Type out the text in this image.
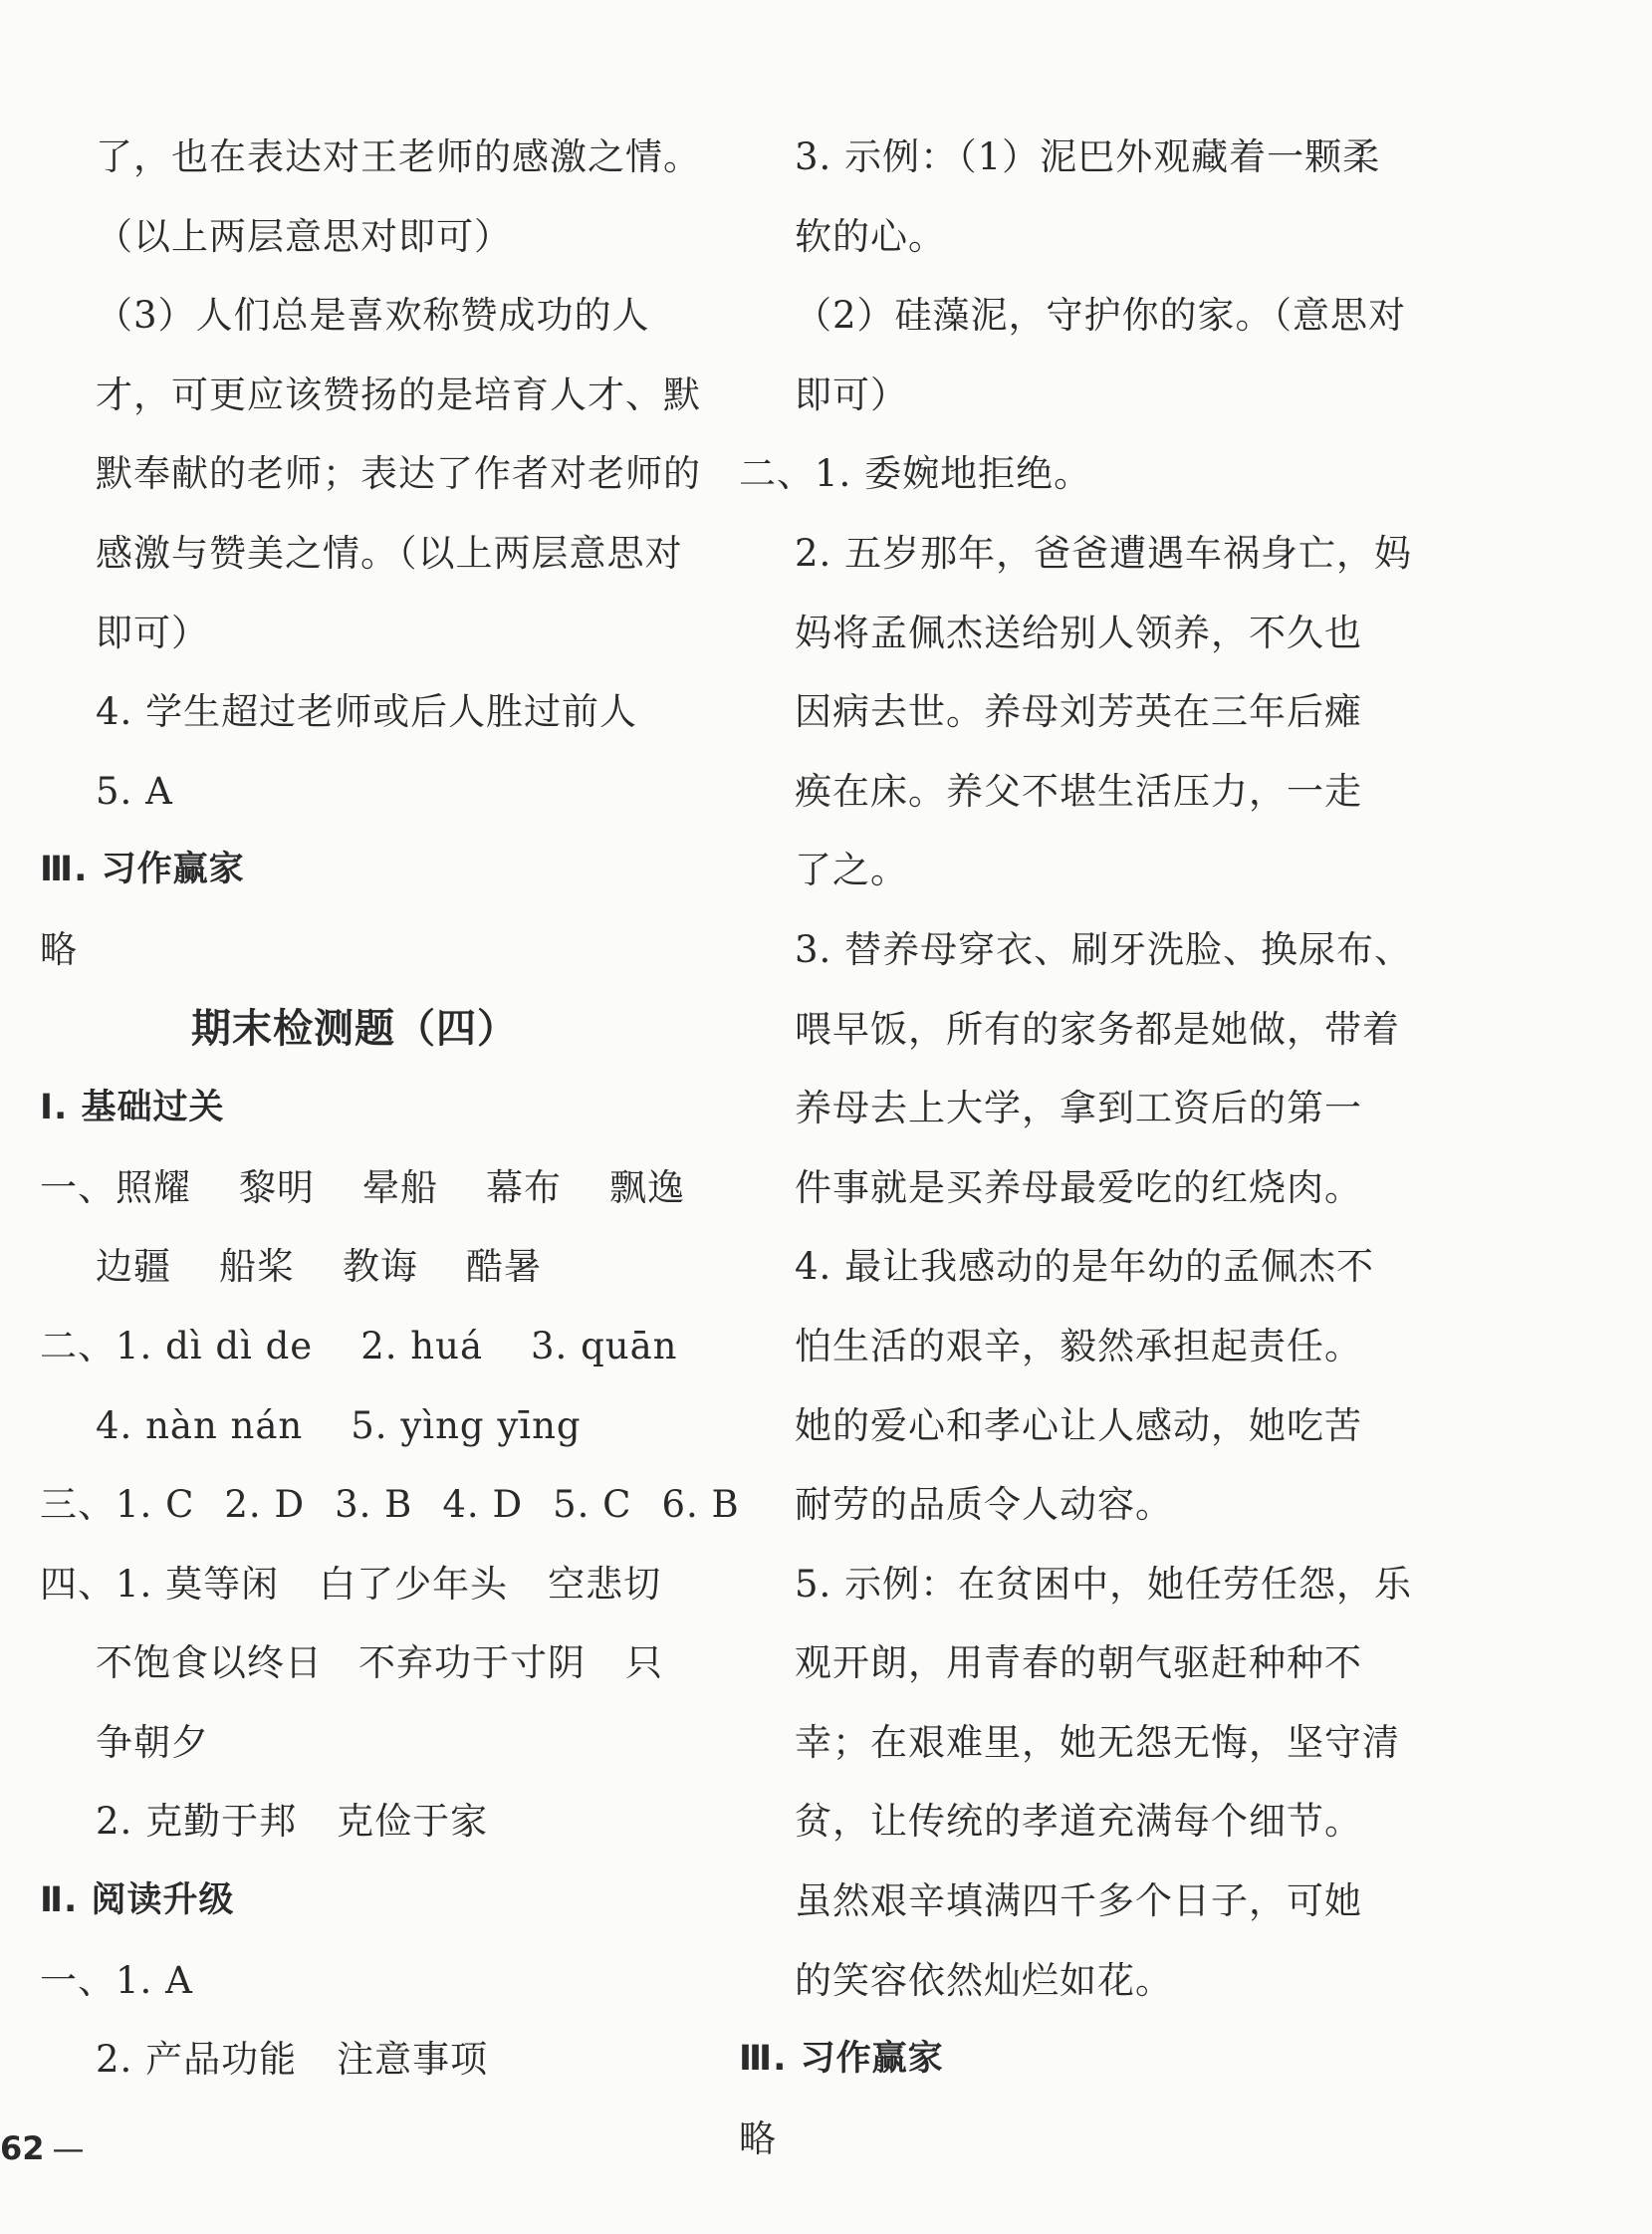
了，也在表达对王老师的感激之情。
（以上两层意思对即可）
（3）人们总是喜欢称赞成功的人
才，可更应该赞扬的是培育人才、默
默奉献的老师；表达了作者对老师的
感激与赞美之情。（以上两层意思对
即可）
4. 学生超过老师或后人胜过前人
5. A
Ⅲ. 习作赢家
略
期末检测题（四）
Ⅰ. 基础过关
一、照耀 黎明 晕船 幕布 飘逸
边疆 船桨 教诲 酷暑
二、1. dì dì de 2. huá 3. quān
4. nàn nán 5. yìng yīng
三、1. C 2. D 3. B 4. D 5. C 6. B
四、1. 莫等闲 白了少年头 空悲切
不饱食以终日 不弃功于寸阴 只
争朝夕
2. 克勤于邦 克俭于家
Ⅱ. 阅读升级
一、1. A
2. 产品功能 注意事项
3. 示例：（1）泥巴外观藏着一颗柔
软的心。
（2）硅藻泥，守护你的家。（意思对
即可）
二、1. 委婉地拒绝。
2. 五岁那年，爸爸遭遇车祸身亡，妈
妈将孟佩杰送给别人领养，不久也
因病去世。养母刘芳英在三年后瘫
痪在床。养父不堪生活压力，一走
了之。
3. 替养母穿衣、刷牙洗脸、换尿布、
喂早饭，所有的家务都是她做，带着
养母去上大学，拿到工资后的第一
件事就是买养母最爱吃的红烧肉。
4. 最让我感动的是年幼的孟佩杰不
怕生活的艰辛，毅然承担起责任。
她的爱心和孝心让人感动，她吃苦
耐劳的品质令人动容。
5. 示例：在贫困中，她任劳任怨，乐
观开朗，用青春的朝气驱赶种种不
幸；在艰难里，她无怨无悔，坚守清
贫，让传统的孝道充满每个细节。
虽然艰辛填满四千多个日子，可她
的笑容依然灿烂如花。
Ⅲ. 习作赢家
略
62 —
